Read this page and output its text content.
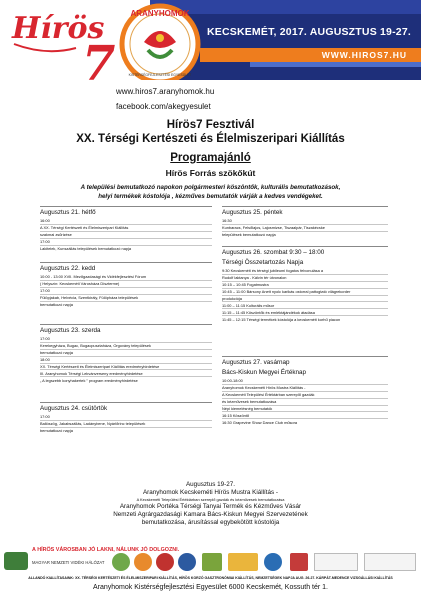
KECSKEMÉT, 2017. AUGUSZTUS 19-27.
WWW.HIROS7.HU
Hírös
7
ARANYHOMOK
KISTÉRSÉGFEJLESZTÉSI EGYESÜLET
www.hiros7.aranyhomok.hu
facebook.com/akegyesulet
Hírös7 Fesztivál
XX. Térségi Kertészeti és Élelmiszeripari Kiállítás
Programajánló
Hírös Forrás szökőkút
A települési bemutatkozó napokon polgármesteri köszöntők, kulturális bemutatkozások,
helyi termékek kóstolója , kézműves bemutatók várják a kedves vendégeket.
Augusztus 21. hétfő
16:00
A XX. Térségi Kertészeti és Élelmiszeripari Kiállítás
szakmai zsűrizése
17:00
Lakitelek, Kunszállás települések bemutatkozó napja
Augusztus 22. kedd
10:00 - 13:00 XVII. Mezőgazdasági és Vidékfejlesztési Fórum
( Helyszín: Kecskeméti Városháza Díszterme)
17:00
Fülöpjakab, Helvécia, Szentkirály, Fülöpháza települések
bemutatkozó napja
Augusztus 23. szerda
17:00
Kerekegyháza, Bugac, Bugacpusztaháza, Orgovány települések
bemutatkozó napja
18:00
XX. Térségi Kertészeti és Élelmiszeripari Kiállítás eredményhirdetése
III. Aranyhomok Térségi Lekvánverseny eredményhirdetése
„ A legszebb konyhakertek ” program eredményhirdetése
Augusztus 24. csütörtök
17:00
Ballószög, Jakabszállás, Ladánybene, Nyárlőrinc települések
bemutatkozó napja
Augusztus 25. péntek
16:30
Kunbaracs, Felsőlajos, Lajosmizse, Tiszaalpár, Tiszakécske
települések bemutatkozó napja
Augusztus 26. szombat 9:30 – 18:00
Térségi Összetartozás Napja
9:30 Kecskeméti és térségi jubileumi fogatos felvonulása a
Rudolf laktanya - Kálvin tér útvonalon
10:15 – 10:45 Fogatmustra
10:45 – 11:00 Bársony Anett nyolc karikás ostorral pattogtató világrekorder
produkciója
11:00 – 11:15 Kulturális műsor
11:15 – 11:45 Köszöntők és emléktájándékok átadása
11:45 – 12:15 Térségi termékek kóstolója a kecskeméti korhű piacon
Augusztus 27. vasárnap
Bács-Kiskun Megyei Értéknap
10:00-18:00
Aranyhomok Kecskeméti Hírös Mustra Kiállítás -
A Kecskeméti Települési Értéktárban szereplő gazdák
és kézművesek bemutatkozása
Népi kiemelésnég bemutatók
16:15 Köszöntő
16:30 Grapevine Show Dance Club műsora
Augusztus 19-27.
Aranyhomok Kecskeméti Hírös Mustra Kiállítás -
A Kecskeméti Települési Értéktárban szereplő gazdák és kézművesek bemutatkozása
Aranyhomok Portéka Térségi Tanyai Termék és Kézműves Vásár
Nemzeti Agrárgazdasági Kamara Bács-Kiskun Megyei Szervezetének
bemutatkozása, árusítással egybekötött kóstolója
A HÍRÖS VÁROSBAN JÓ LAKNI, NÁLUNK JÓ DOLGOZNI.
MAGYAR NEMZETI VIDÉKI HÁLÓZAT
ALLANDÓ KIALLÍTASAINK: XX. TÉRSÉGI KERTÉSZETI ÉS ÉLELMISZERIPARI KIÁLLÍTÁS, HÍRÖS KORZÓ GASZTRONÓMIAI KIÁLLÍTÁS, NEMZETSÉGEK NAPJA AUG. 26-27. KÁRPÁT-MEDENCE VIZSGÁLLÁSI KIÁLLÍTÁS
Aranyhomok Kistérségfejlesztési Egyesület 6000 Kecskemét, Kossuth tér 1.
